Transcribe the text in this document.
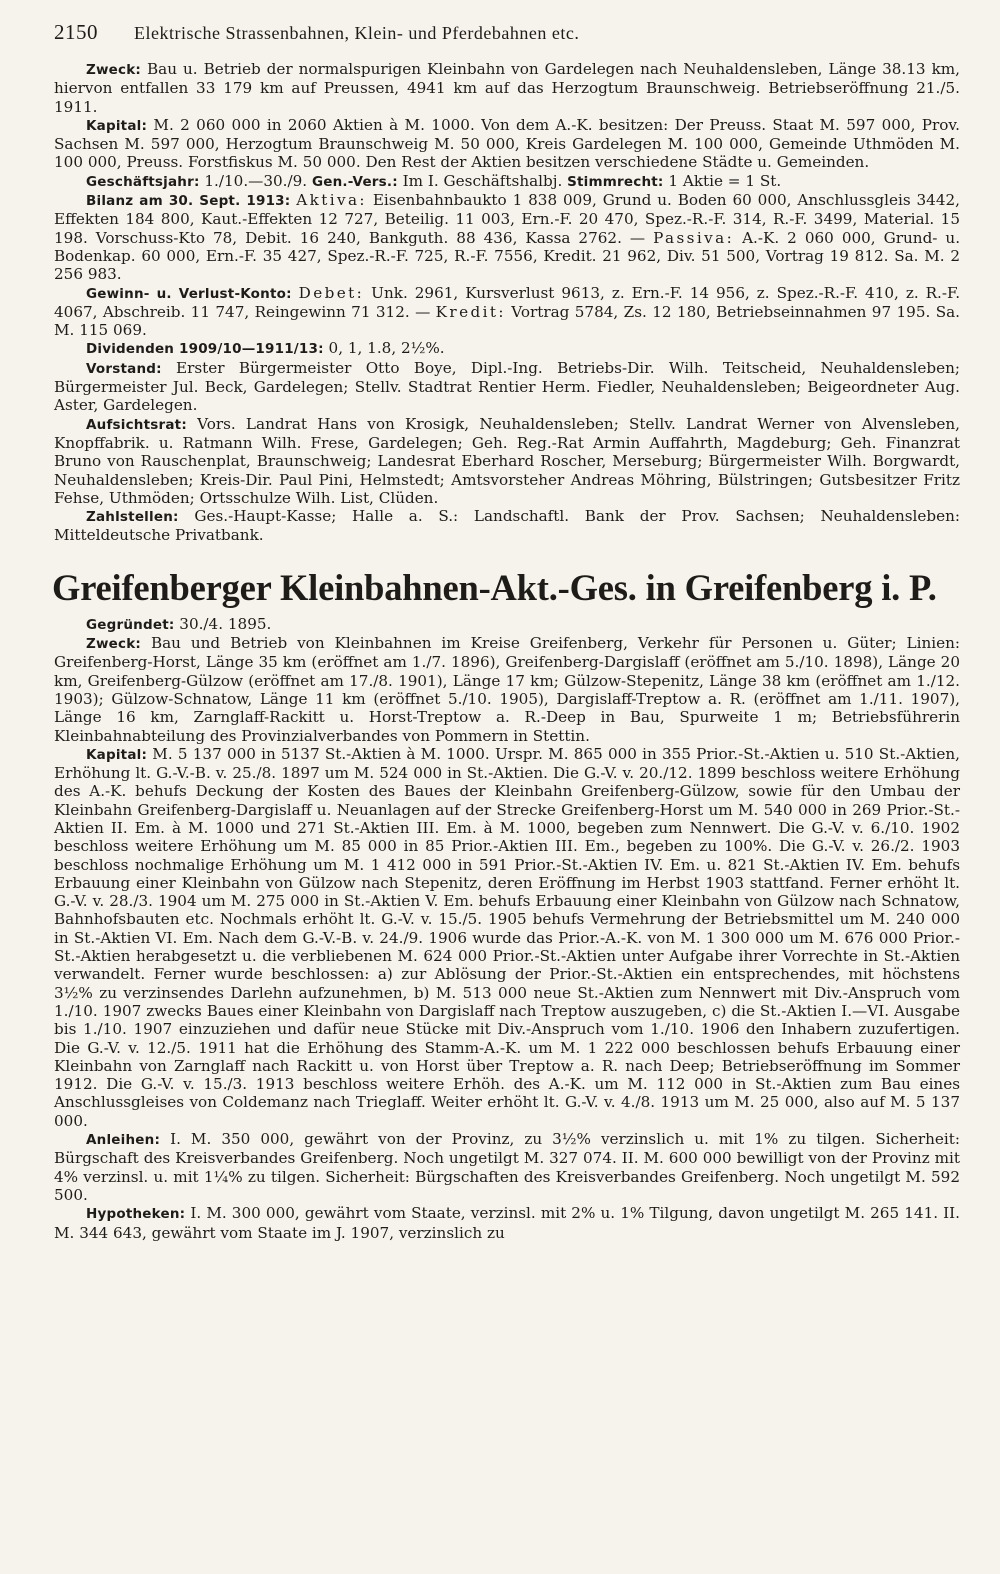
2150 Elektrische Strassenbahnen, Klein- und Pferdebahnen etc.

Zweck: Bau u. Betrieb der normalspurigen Kleinbahn von Gardelegen nach Neuhaldensleben, Länge 38.13 km, hiervon entfallen 33 179 km auf Preussen, 4941 km auf das Herzogtum Braunschweig. Betriebseröffnung 21./5. 1911.

Kapital: M. 2 060 000 in 2060 Aktien à M. 1000. Von dem A.-K. besitzen: Der Preuss. Staat M. 597 000, Prov. Sachsen M. 597 000, Herzogtum Braunschweig M. 50 000, Kreis Gardelegen M. 100 000, Gemeinde Uthmöden M. 100 000, Preuss. Forstfiskus M. 50 000. Den Rest der Aktien besitzen verschiedene Städte u. Gemeinden.

Geschäftsjahr: 1./10.—30./9. Gen.-Vers.: Im I. Geschäftshalbj. Stimmrecht: 1 Aktie = 1 St.

Bilanz am 30. Sept. 1913: Aktiva: Eisenbahnbaukto 1 838 009, Grund u. Boden 60 000, Anschlussgleis 3442, Effekten 184 800, Kaut.-Effekten 12 727, Beteilig. 11 003, Ern.-F. 20 470, Spez.-R.-F. 314, R.-F. 3499, Material. 15 198. Vorschuss-Kto 78, Debit. 16 240, Bankguth. 88 436, Kassa 2762. — Passiva: A.-K. 2 060 000, Grund- u. Bodenkap. 60 000, Ern.-F. 35 427, Spez.-R.-F. 725, R.-F. 7556, Kredit. 21 962, Div. 51 500, Vortrag 19 812. Sa. M. 2 256 983.

Gewinn- u. Verlust-Konto: Debet: Unk. 2961, Kursverlust 9613, z. Ern.-F. 14 956, z. Spez.-R.-F. 410, z. R.-F. 4067, Abschreib. 11 747, Reingewinn 71 312. — Kredit: Vortrag 5784, Zs. 12 180, Betriebseinnahmen 97 195. Sa. M. 115 069.

Dividenden 1909/10—1911/13: 0, 1, 1.8, 2½%.

Vorstand: Erster Bürgermeister Otto Boye, Dipl.-Ing. Betriebs-Dir. Wilh. Teitscheid, Neuhaldensleben; Bürgermeister Jul. Beck, Gardelegen; Stellv. Stadtrat Rentier Herm. Fiedler, Neuhaldensleben; Beigeordneter Aug. Aster, Gardelegen.

Aufsichtsrat: Vors. Landrat Hans von Krosigk, Neuhaldensleben; Stellv. Landrat Werner von Alvensleben, Knopffabrik. u. Ratmann Wilh. Frese, Gardelegen; Geh. Reg.-Rat Armin Auffahrth, Magdeburg; Geh. Finanzrat Bruno von Rauschenplat, Braunschweig; Landesrat Eberhard Roscher, Merseburg; Bürgermeister Wilh. Borgwardt, Neuhaldensleben; Kreis-Dir. Paul Pini, Helmstedt; Amtsvorsteher Andreas Möhring, Bülstringen; Gutsbesitzer Fritz Fehse, Uthmöden; Ortsschulze Wilh. List, Clüden.

Zahlstellen: Ges.-Haupt-Kasse; Halle a. S.: Landschaftl. Bank der Prov. Sachsen; Neuhaldensleben: Mitteldeutsche Privatbank.

Greifenberger Kleinbahnen-Akt.-Ges. in Greifenberg i. P.

Gegründet: 30./4. 1895.

Zweck: Bau und Betrieb von Kleinbahnen im Kreise Greifenberg, Verkehr für Personen u. Güter; Linien: Greifenberg-Horst, Länge 35 km (eröffnet am 1./7. 1896), Greifenberg-Dargislaff (eröffnet am 5./10. 1898), Länge 20 km, Greifenberg-Gülzow (eröffnet am 17./8. 1901), Länge 17 km; Gülzow-Stepenitz, Länge 38 km (eröffnet am 1./12. 1903); Gülzow-Schnatow, Länge 11 km (eröffnet 5./10. 1905), Dargislaff-Treptow a. R. (eröffnet am 1./11. 1907), Länge 16 km, Zarnglaff-Rackitt u. Horst-Treptow a. R.-Deep in Bau, Spurweite 1 m; Betriebsführerin Kleinbahnabteilung des Provinzialverbandes von Pommern in Stettin.

Kapital: M. 5 137 000 in 5137 St.-Aktien à M. 1000. Urspr. M. 865 000 in 355 Prior.-St.-Aktien u. 510 St.-Aktien, Erhöhung lt. G.-V.-B. v. 25./8. 1897 um M. 524 000 in St.-Aktien. Die G.-V. v. 20./12. 1899 beschloss weitere Erhöhung des A.-K. behufs Deckung der Kosten des Baues der Kleinbahn Greifenberg-Gülzow, sowie für den Umbau der Kleinbahn Greifenberg-Dargislaff u. Neuanlagen auf der Strecke Greifenberg-Horst um M. 540 000 in 269 Prior.-St.-Aktien II. Em. à M. 1000 und 271 St.-Aktien III. Em. à M. 1000, begeben zum Nennwert. Die G.-V. v. 6./10. 1902 beschloss weitere Erhöhung um M. 85 000 in 85 Prior.-Aktien III. Em., begeben zu 100%. Die G.-V. v. 26./2. 1903 beschloss nochmalige Erhöhung um M. 1 412 000 in 591 Prior.-St.-Aktien IV. Em. u. 821 St.-Aktien IV. Em. behufs Erbauung einer Kleinbahn von Gülzow nach Stepenitz, deren Eröffnung im Herbst 1903 stattfand. Ferner erhöht lt. G.-V. v. 28./3. 1904 um M. 275 000 in St.-Aktien V. Em. behufs Erbauung einer Kleinbahn von Gülzow nach Schnatow, Bahnhofsbauten etc. Nochmals erhöht lt. G.-V. v. 15./5. 1905 behufs Vermehrung der Betriebsmittel um M. 240 000 in St.-Aktien VI. Em. Nach dem G.-V.-B. v. 24./9. 1906 wurde das Prior.-A.-K. von M. 1 300 000 um M. 676 000 Prior.-St.-Aktien herabgesetzt u. die verbliebenen M. 624 000 Prior.-St.-Aktien unter Aufgabe ihrer Vorrechte in St.-Aktien verwandelt. Ferner wurde beschlossen: a) zur Ablösung der Prior.-St.-Aktien ein entsprechendes, mit höchstens 3½% zu verzinsendes Darlehn aufzunehmen, b) M. 513 000 neue St.-Aktien zum Nennwert mit Div.-Anspruch vom 1./10. 1907 zwecks Baues einer Kleinbahn von Dargislaff nach Treptow auszugeben, c) die St.-Aktien I.—VI. Ausgabe bis 1./10. 1907 einzuziehen und dafür neue Stücke mit Div.-Anspruch vom 1./10. 1906 den Inhabern zuzufertigen. Die G.-V. v. 12./5. 1911 hat die Erhöhung des Stamm-A.-K. um M. 1 222 000 beschlossen behufs Erbauung einer Kleinbahn von Zarnglaff nach Rackitt u. von Horst über Treptow a. R. nach Deep; Betriebseröffnung im Sommer 1912. Die G.-V. v. 15./3. 1913 beschloss weitere Erhöh. des A.-K. um M. 112 000 in St.-Aktien zum Bau eines Anschlussgleises von Coldemanz nach Trieglaff. Weiter erhöht lt. G.-V. v. 4./8. 1913 um M. 25 000, also auf M. 5 137 000.

Anleihen: I. M. 350 000, gewährt von der Provinz, zu 3½% verzinslich u. mit 1% zu tilgen. Sicherheit: Bürgschaft des Kreisverbandes Greifenberg. Noch ungetilgt M. 327 074. II. M. 600 000 bewilligt von der Provinz mit 4% verzinsl. u. mit 1¼% zu tilgen. Sicherheit: Bürgschaften des Kreisverbandes Greifenberg. Noch ungetilgt M. 592 500.

Hypotheken: I. M. 300 000, gewährt vom Staate, verzinsl. mit 2% u. 1% Tilgung, davon ungetilgt M. 265 141. II. M. 344 643, gewährt vom Staate im J. 1907, verzinslich zu
